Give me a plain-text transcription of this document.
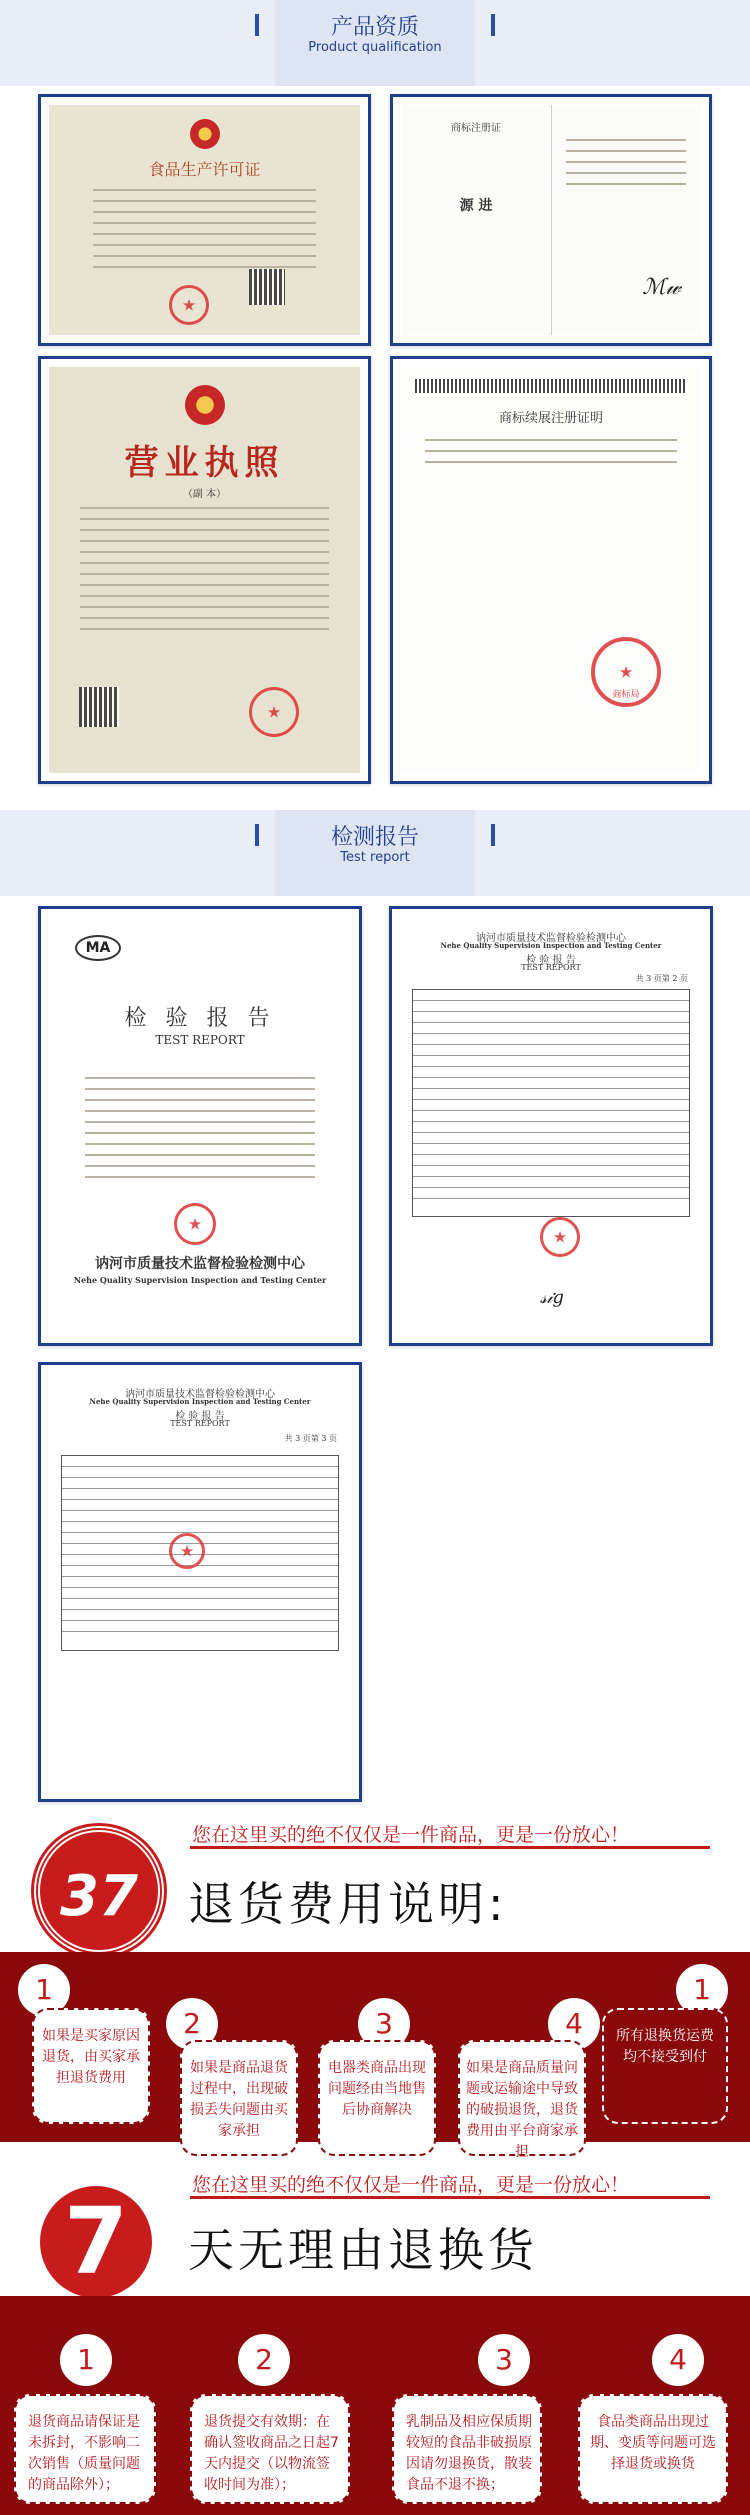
产品资质
Product qualification
食品生产许可证
★
商标注册证
源 进
ℳ𝓌
营业执照
（副 本）
★
商标续展注册证明
★
商标局
检测报告
Test report
MA
检 验 报 告
TEST REPORT
★
讷河市质量技术监督检验检测中心
Nehe Quality Supervision Inspection and Testing Center
讷河市质量技术监督检验检测中心
Nehe Quality Supervision Inspection and Testing Center
检 验 报 告
TEST REPORT
共 3 页第 2 页
★
𝓈𝒾𝑔
讷河市质量技术监督检验检测中心
Nehe Quality Supervision Inspection and Testing Center
检 验 报 告
TEST REPORT
共 3 页第 3 页
★
您在这里买的绝不仅仅是一件商品，更是一份放心！
37	退货费用说明:
1
如果是买家原因退货，由买家承担退货费用
2
如果是商品退货过程中，出现破损丢失问题由买家承担
3
电器类商品出现问题经由当地售后协商解决
4
如果是商品质量问题或运输途中导致的破损退货，退货费用由平台商家承担
1
所有退换货运费均不接受到付
您在这里买的绝不仅仅是一件商品，更是一份放心！
7	天无理由退换货
1
退货商品请保证是未拆封，不影响二次销售（质量问题的商品除外）；
2
退货提交有效期：在确认签收商品之日起7天内提交（以物流签收时间为准）；
3
乳制品及相应保质期较短的食品非破损原因请勿退换货，散装食品不退不换；
4
食品类商品出现过期、变质等问题可选择退货或换货
